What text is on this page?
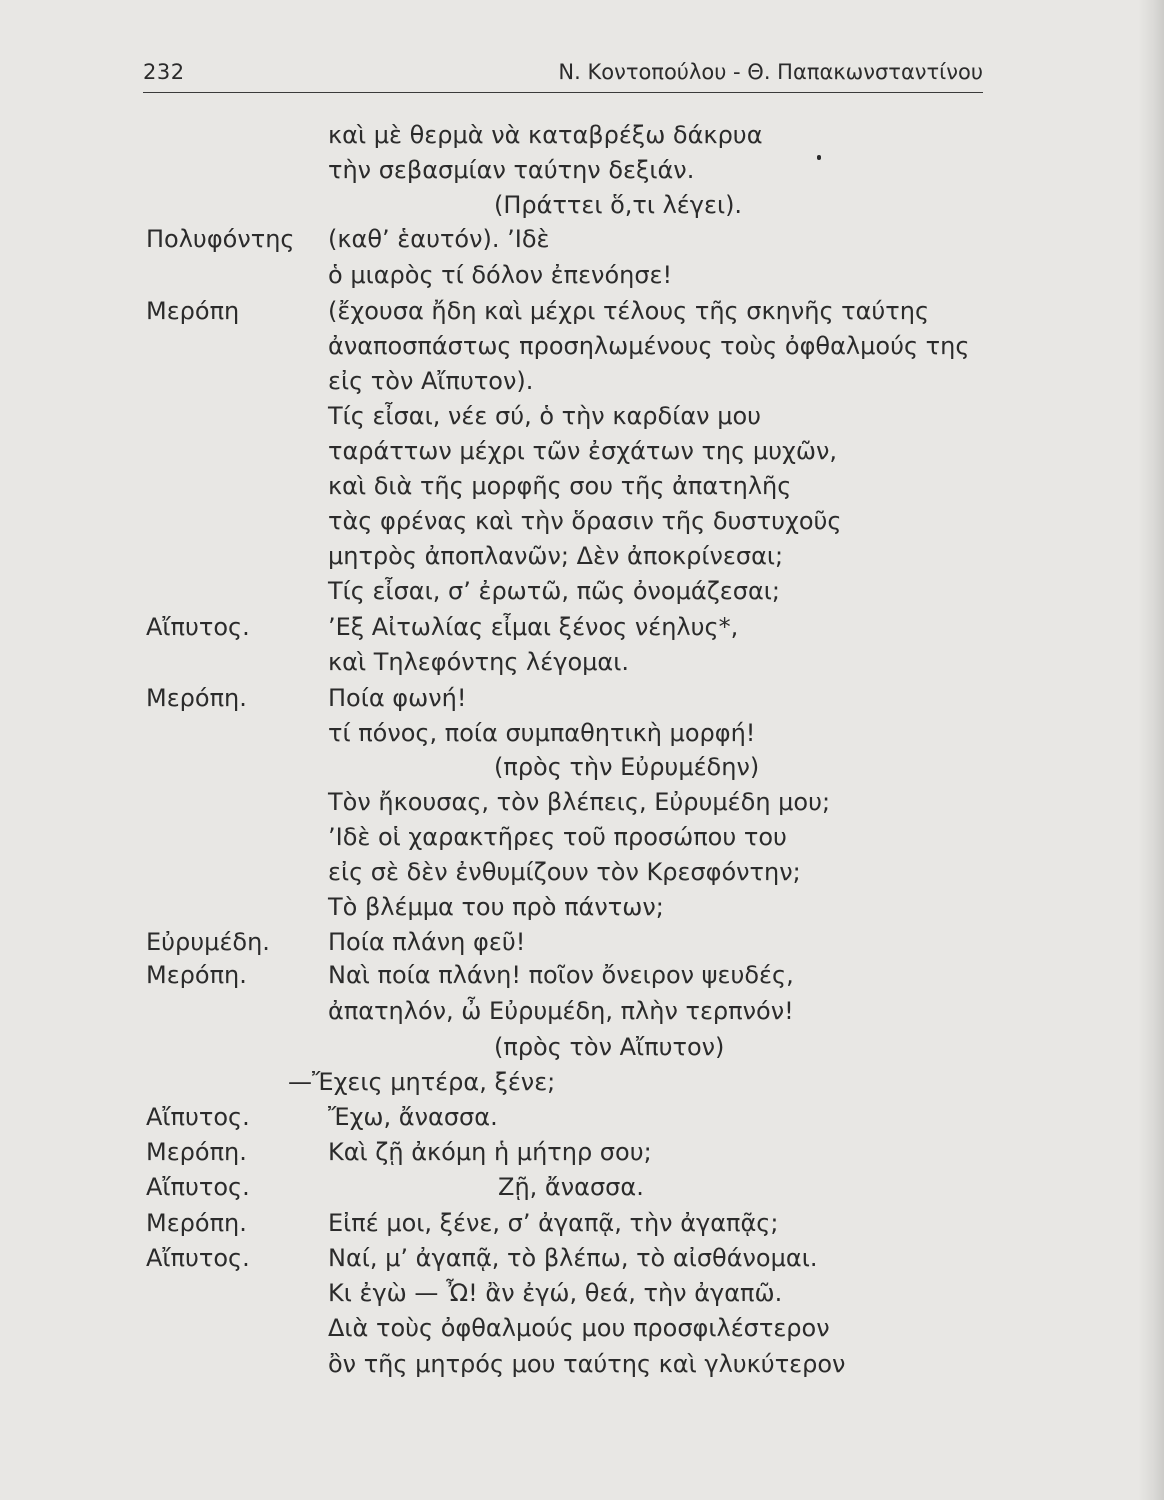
232	Ν. Κοντοπούλου - Θ. Παπακωνσταντίνου
Πολυφόντης
Μερόπη
Αἴπυτος.
Μερόπη.
Εὐρυμέδη.
Μερόπη.
Αἴπυτος.
Μερόπη.
Αἴπυτος.
Μερόπη.
Αἴπυτος.
καὶ μὲ θερμὰ νὰ καταβρέξω δάκρυα
τὴν σεβασμίαν ταύτην δεξιάν.
(Πράττει ὅ,τι λέγει).
(καθ’ ἑαυτόν). ’Ιδὲ
ὁ μιαρὸς τί δόλον ἐπενόησε!
(ἔχουσα ἤδη καὶ μέχρι τέλους τῆς σκηνῆς ταύτης
ἀναποσπάστως προσηλωμένους τοὺς ὀφθαλμούς της
εἰς τὸν Αἴπυτον).
Τίς εἶσαι, νέε σύ, ὁ τὴν καρδίαν μου
ταράττων μέχρι τῶν ἐσχάτων της μυχῶν,
καὶ διὰ τῆς μορφῆς σου τῆς ἀπατηλῆς
τὰς φρένας καὶ τὴν ὅρασιν τῆς δυστυχοῦς
μητρὸς ἀποπλανῶν; Δὲν ἀποκρίνεσαι;
Τίς εἶσαι, σ’ ἐρωτῶ, πῶς ὀνομάζεσαι;
’Εξ Αἰτωλίας εἶμαι ξένος νέηλυς*,
καὶ Τηλεφόντης λέγομαι.
Ποία φωνή!
τί πόνος, ποία συμπαθητικὴ μορφή!
(πρὸς τὴν Εὐρυμέδην)
Τὸν ἤκουσας, τὸν βλέπεις, Εὐρυμέδη μου;
’Ιδὲ οἱ χαρακτῆρες τοῦ προσώπου του
εἰς σὲ δὲν ἐνθυμίζουν τὸν Κρεσφόντην;
Τὸ βλέμμα του πρὸ πάντων;
Ποία πλάνη φεῦ!
Ναὶ ποία πλάνη! ποῖον ὄνειρον ψευδές,
ἀπατηλόν, ὦ Εὐρυμέδη, πλὴν τερπνόν!
(πρὸς τὸν Αἴπυτον)
—Ἔχεις μητέρα, ξένε;
Ἔχω, ἄνασσα.
Καὶ ζῇ ἀκόμη ἡ μήτηρ σου;
Ζῇ, ἄνασσα.
Εἰπέ μοι, ξένε, σ’ ἀγαπᾷ, τὴν ἀγαπᾷς;
Ναί, μ’ ἀγαπᾷ, τὸ βλέπω, τὸ αἰσθάνομαι.
Κι ἐγὼ — Ὦ! ἂν ἐγώ, θεά, τὴν ἀγαπῶ.
Διὰ τοὺς ὀφθαλμούς μου προσφιλέστερον
ὂν τῆς μητρός μου ταύτης καὶ γλυκύτερον
